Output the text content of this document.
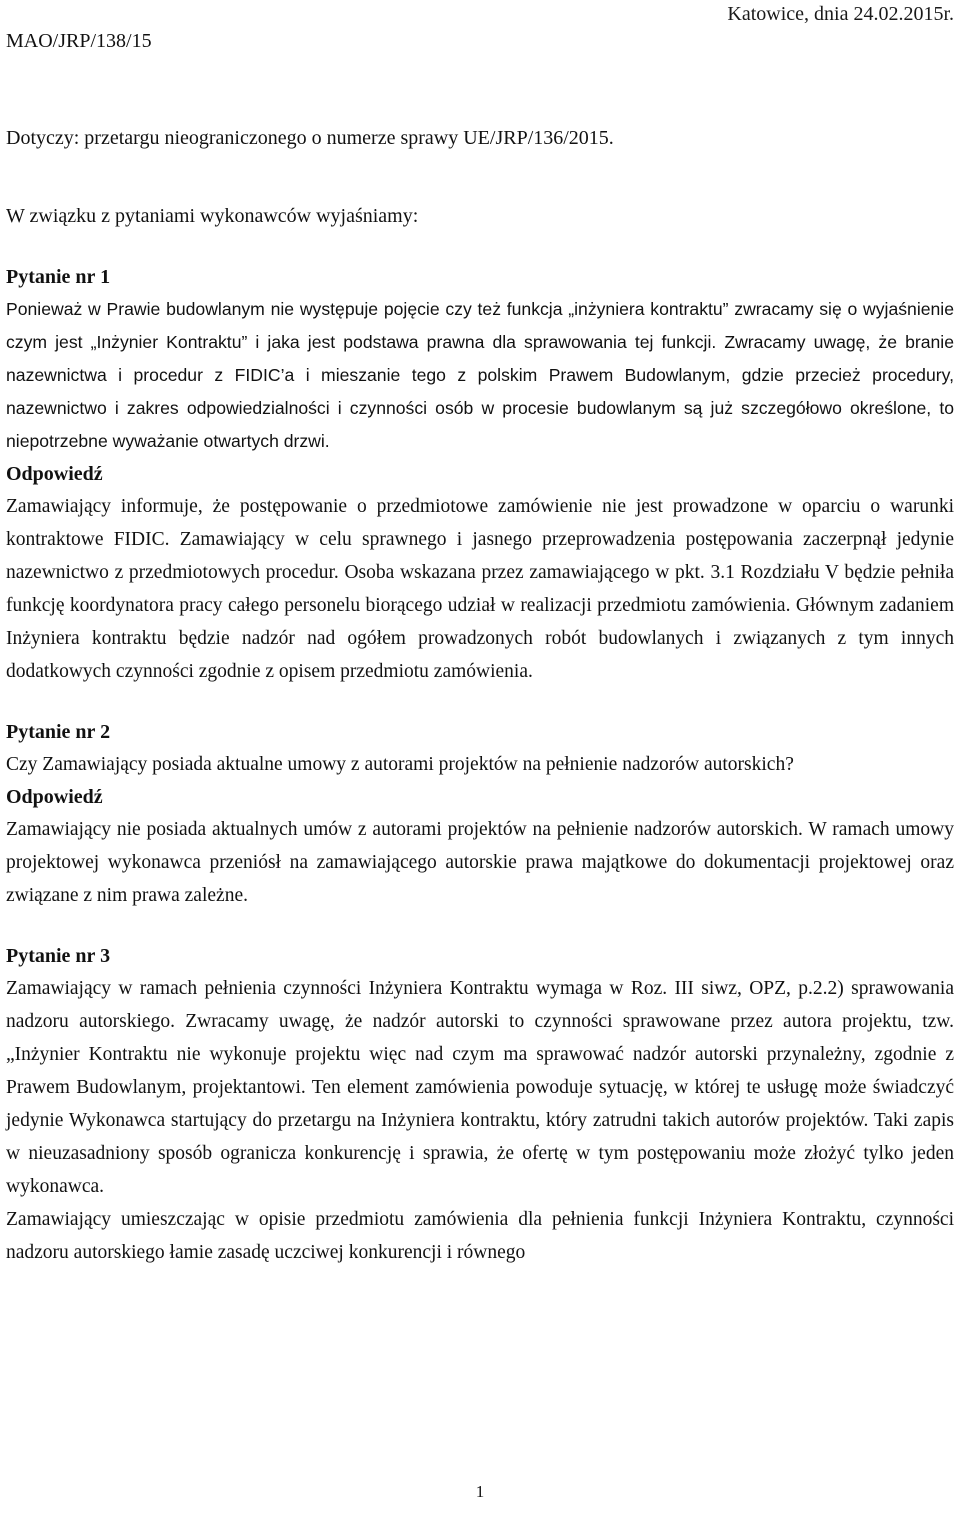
MAO/JRP/138/15
Katowice, dnia 24.02.2015r.
Dotyczy: przetargu nieograniczonego o numerze sprawy UE/JRP/136/2015.
W związku z pytaniami wykonawców wyjaśniamy:
Pytanie nr 1

Ponieważ w Prawie budowlanym nie występuje pojęcie czy też funkcja „inżyniera kontraktu” zwracamy się o wyjaśnienie czym jest „Inżynier Kontraktu” i jaka jest podstawa prawna dla sprawowania tej funkcji. Zwracamy uwagę, że branie nazewnictwa i procedur z FIDIC’a i mieszanie tego z polskim Prawem Budowlanym, gdzie przecież procedury, nazewnictwo i zakres odpowiedzialności i czynności osób w procesie budowlanym są już szczegółowo określone, to niepotrzebne wyważanie otwartych drzwi.

Odpowiedź

Zamawiający informuje, że postępowanie o przedmiotowe zamówienie nie jest prowadzone w oparciu o warunki kontraktowe FIDIC. Zamawiający w celu sprawnego i jasnego przeprowadzenia postępowania zaczerpnął jedynie nazewnictwo z przedmiotowych procedur. Osoba wskazana przez zamawiającego w pkt. 3.1 Rozdziału V będzie pełniła funkcję koordynatora pracy całego personelu biorącego udział w realizacji przedmiotu zamówienia. Głównym zadaniem Inżyniera kontraktu będzie nadzór nad ogółem prowadzonych robót budowlanych i związanych z tym innych dodatkowych czynności zgodnie z opisem przedmiotu zamówienia.

Pytanie nr 2

Czy Zamawiający posiada aktualne umowy z autorami projektów na pełnienie nadzorów autorskich?

Odpowiedź

Zamawiający nie posiada aktualnych umów z autorami projektów na pełnienie nadzorów autorskich. W ramach umowy projektowej wykonawca przeniósł na zamawiającego autorskie prawa majątkowe do dokumentacji projektowej oraz związane z nim prawa zależne.

Pytanie nr 3

Zamawiający w ramach pełnienia czynności Inżyniera Kontraktu wymaga w Roz. III siwz, OPZ, p.2.2) sprawowania nadzoru autorskiego. Zwracamy uwagę, że nadzór autorski to czynności sprawowane przez autora projektu, tzw. „Inżynier Kontraktu nie wykonuje projektu więc nad czym ma sprawować nadzór autorski przynależny, zgodnie z Prawem Budowlanym, projektantowi. Ten element zamówienia powoduje sytuację, w której te usługę może świadczyć jedynie Wykonawca startujący do przetargu na Inżyniera kontraktu, który zatrudni takich autorów projektów. Taki zapis w nieuzasadniony sposób ogranicza konkurencję i sprawia, że ofertę w tym postępowaniu może złożyć tylko jeden wykonawca.

Zamawiający umieszczając w opisie przedmiotu zamówienia dla pełnienia funkcji Inżyniera Kontraktu, czynności nadzoru autorskiego łamie zasadę uczciwej konkurencji i równego

1
